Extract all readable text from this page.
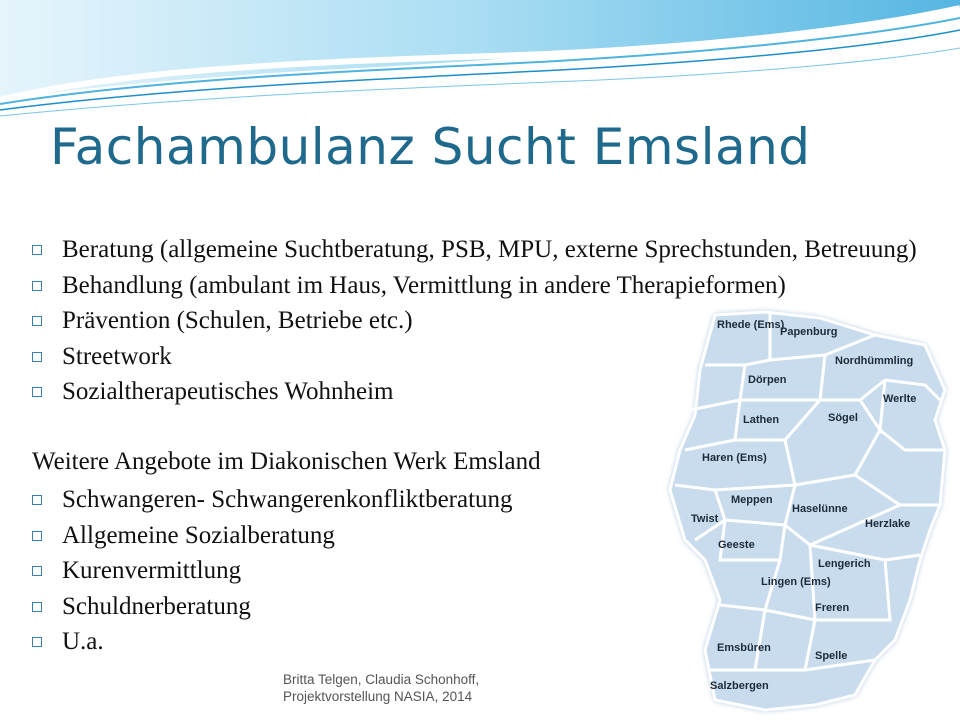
Fachambulanz Sucht Emsland
Beratung (allgemeine Suchtberatung, PSB, MPU, externe Sprechstunden, Betreuung)
Behandlung (ambulant im Haus, Vermittlung in andere Therapieformen)
Prävention (Schulen, Betriebe etc.)
Streetwork
Sozialtherapeutisches Wohnheim

Weitere Angebote im Diakonischen Werk Emsland

Schwangeren- Schwangerenkonfliktberatung
Allgemeine Sozialberatung
Kurenvermittlung
Schuldnerberatung
U.a.
Rhede (Ems)
Papenburg
Nordhümmling
Dörpen
Werlte
Lathen	Sögel
Haren (Ems)
Meppen
Twist
Haselünne
Herzlake
Geeste
Lengerich
Lingen (Ems)
Freren
Emsbüren
Spelle
Salzbergen
Britta Telgen, Claudia Schonhoff,
Projektvorstellung NASIA, 2014
